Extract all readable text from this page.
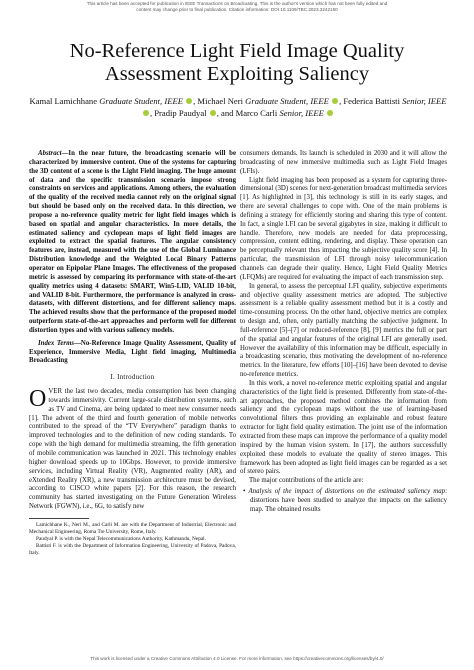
This article has been accepted for publication in IEEE Transactions on Broadcasting. This is the author's version which has not been fully edited and
content may change prior to final publication. Citation information: DOI 10.1109/TBC.2023.3242150
No-Reference Light Field Image Quality
Assessment Exploiting Saliency
Kamal Lamichhane Graduate Student, IEEE , Michael Neri Graduate Student, IEEE , Federica Battisti Senior, IEEE , Pradip Paudyal , and Marco Carli Senior, IEEE

Abstract—In the near future, the broadcasting scenario will be characterized by immersive content. One of the systems for capturing the 3D content of a scene is the Light Field imaging. The huge amount of data and the specific transmission scenario impose strong constraints on services and applications. Among others, the evaluation of the quality of the received media cannot rely on the original signal but should be based only on the received data. In this direction, we propose a no-reference quality metric for light field images which is based on spatial and angular characteristics. In more details, the estimated saliency and cyclopean maps of light field images are exploited to extract the spatial features. The angular consistency features are, instead, measured with the use of the Global Luminance Distribution knowledge and the Weighted Local Binary Patterns operator on Epipolar Plane Images. The effectiveness of the proposed metric is assessed by comparing its performance with state-of-the-art quality metrics using 4 datasets: SMART, Win5-LID, VALID 10-bit, and VALID 8-bit. Furthermore, the performance is analyzed in cross-datasets, with different distortions, and for different saliency maps. The achieved results show that the performance of the proposed model outperform state-of-the-art approaches and perform well for different distortion types and with various saliency models.

Index Terms—No-Reference Image Quality Assessment, Quality of Experience, Immersive Media, Light field imaging, Multimedia Broadcasting

I. Introduction

OVER the last two decades, media consumption has been changing towards immersivity. Current large-scale distribution systems, such as TV and Cinema, are being updated to meet new consumer needs [1]. The advent of the third and fourth generation of mobile networks contributed to the spread of the “TV Everywhere” paradigm thanks to improved technologies and to the definition of new coding standards. To cope with the high demand for multimedia streaming, the fifth generation of mobile communication was launched in 2021. This technology enables higher download speeds up to 10Gbps. However, to provide immersive services, including Virtual Reality (VR), Augmented reality (AR), and eXtended Reality (XR), a new transmission architecture must be devised, according to CISCO white papers [2]. For this reason, the research community has started investigating on the Future Generation Wireless Network (FGWN), i.e., 6G, to satisfy new

Lamichhane K., Neri M., and Carli M. are with the Department of Industrial, Electronic and Mechanical Engineering, Roma Tre University, Rome, Italy.

Paudyal P. is with the Nepal Telecommunications Authority, Kathmandu, Nepal.

Battisti F. is with the Department of Information Engineering, University of Padova, Padova, Italy.

consumers demands. Its launch is scheduled in 2030 and it will allow the broadcasting of new immersive multimedia such as Light Field Images (LFIs).

Light field imaging has been proposed as a system for capturing three-dimensional (3D) scenes for next-generation broadcast multimedia services [1]. As highlighted in [3], this technology is still in its early stages, and there are several challenges to cope with. One of the main problems is defining a strategy for efficiently storing and sharing this type of content. In fact, a single LFI can be several gigabytes in size, making it difficult to handle. Therefore, new models are needed for data preprocessing, compression, content editing, rendering, and display. These operation can be perceptually relevant thus impacting the subjective quality score [4]. In particular, the transmission of LFI through noisy telecommunication channels can degrade their quality. Hence, Light Field Quality Metrics (LFQMs) are required for evaluating the impact of each transmission step.

In general, to assess the perceptual LFI quality, subjective experiments and objective quality assessment metrics are adopted. The subjective assessment is a reliable quality assessment method but it is a costly and time-consuming process. On the other hand, objective metrics are complex to design and, often, only partially matching the subjective judgment. In full-reference [5]–[7] or reduced-reference [8], [9] metrics the full or part of the spatial and angular features of the original LFI are generally used. However the availability of this information may be difficult, especially in a broadcasting scenario, thus motivating the development of no-reference metrics. In the literature, few efforts [10]–[16] have been devoted to devise no-reference metrics.

In this work, a novel no-reference metric exploiting spatial and angular characteristics of the light field is presented. Differently from state-of-the-art approaches, the proposed method combines the information from saliency and the cyclopean maps without the use of learning-based convolutional filters thus providing an explainable and robust feature extractor for light field quality estimation. The joint use of the information extracted from these maps can improve the performance of a quality model inspired by the human vision system. In [17], the authors successfully exploited these models to evaluate the quality of stereo images. This framework has been adopted as light field images can be regarded as a set of stereo pairs.

The major contributions of the article are:

• Analysis of the impact of distortions on the estimated saliency map: distortions have been studied to analyze the impacts on the saliency map. The obtained results

This work is licensed under a Creative Commons Attribution 4.0 License. For more information, see https://creativecommons.org/licenses/by/4.0/
